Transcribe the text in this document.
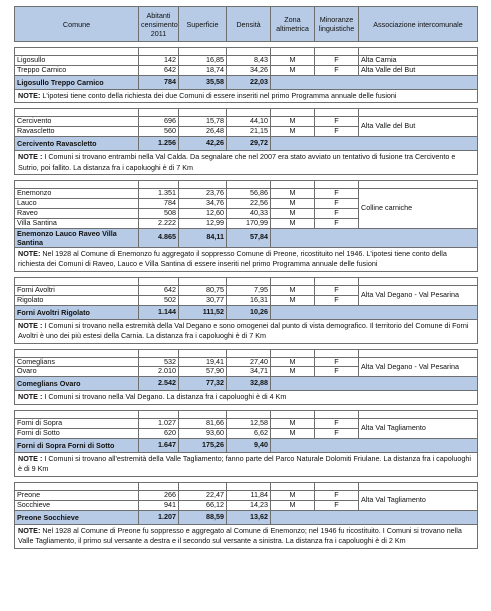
Comune	Abitanti censimento 2011	Superficie	Densità	Zona altimetrica	Minoranze linguistiche	Associazione intercomunale

Ligosullo	142	16,85	8,43	M	F	Alta Carnia
Treppo Carnico	642	18,74	34,26	M	F	Alta Valle del But
Ligosullo Treppo Carnico	784	35,58	22,03			
NOTE: L'ipotesi tiene conto della richiesta dei due Comuni di essere inseriti nel primo Programma annuale delle fusioni						

Cercivento	696	15,78	44,10	M	F	Alta Valle del But
Ravascletto	560	26,48	21,15	M	F	
Cercivento Ravascletto	1.256	42,26	29,72			
NOTE : I Comuni si trovano entrambi nella Val Calda. Da segnalare che nel 2007 era stato avviato un tentativo di fusione tra Cercivento e Sutrio, poi fallito. La distanza fra i capoluoghi è di 7 Km						

Enemonzo	1.351	23,76	56,86	M	F	Colline carniche
Lauco	784	34,76	22,56	M	F	
Raveo	508	12,60	40,33	M	F	
Villa Santina	2.222	12,99	170,99	M	F	
Enemonzo Lauco Raveo Villa Santina	4.865	84,11	57,84			
NOTE: Nel 1928 al Comune di Enemonzo fu aggregato il soppresso Comune di Preone, ricostituito nel 1946. L'ipotesi tiene conto della richiesta dei Comuni di Raveo, Lauco e Villa Santina di essere inseriti nel primo Programma annuale delle fusioni						

Forni Avoltri	642	80,75	7,95	M	F	Alta Val Degano - Val Pesarina
Rigolato	502	30,77	16,31	M	F	
Forni Avoltri Rigolato	1.144	111,52	10,26			
NOTE : I Comuni si trovano nella estremità della Val Degano e sono omogenei dal punto di vista demografico. Il territorio del Comune di Forni Avoltri è uno dei più estesi della Carnia. La distanza fra i capoluoghi è di 7 Km						

Comeglians	532	19,41	27,40	M	F	Alta Val Degano - Val Pesarina
Ovaro	2.010	57,90	34,71	M	F	
Comeglians Ovaro	2.542	77,32	32,88			
NOTE : I Comuni si trovano nella Val Degano. La distanza fra i capoluoghi è di 4 Km						

Forni di Sopra	1.027	81,66	12,58	M	F	Alta Val Tagliamento
Forni di Sotto	620	93,60	6,62	M	F	
Forni di Sopra Forni di Sotto	1.647	175,26	9,40			
NOTE : I Comuni si trovano all'estremità della Valle Tagliamento; fanno parte del Parco Naturale Dolomiti Friulane. La distanza fra i capoluoghi è di 9 Km						

Preone	266	22,47	11,84	M	F	Alta Val Tagliamento
Socchieve	941	66,12	14,23	M	F	
Preone Socchieve	1.207	88,59	13,62			
NOTE: Nel 1928 al Comune di Preone fu soppresso e aggregato al Comune di Enemonzo; nel 1946 fu ricostituito. I Comuni si trovano nella Valle Tagliamento, il primo sul versante a destra e il secondo sul versante a sinistra. La distanza fra i capoluoghi è di 2 Km						
